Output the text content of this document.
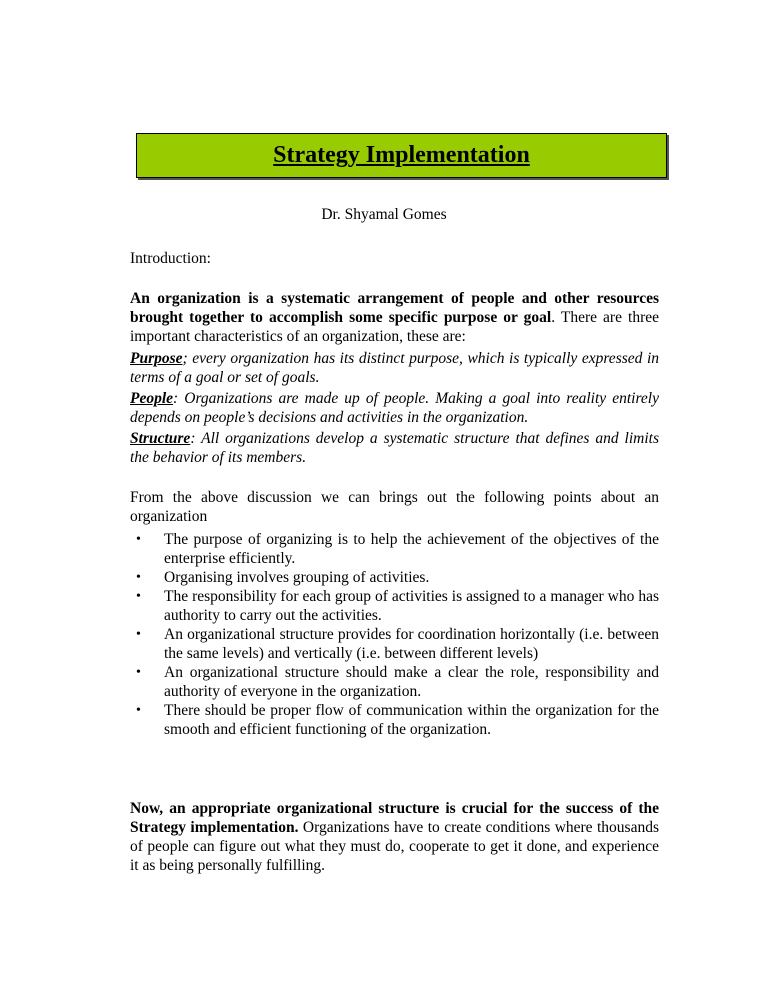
Strategy Implementation
Dr. Shyamal Gomes
Introduction:

An organization is a systematic arrangement of people and other resources brought together to accomplish some specific purpose or goal. There are three important characteristics of an organization, these are:

Purpose; every organization has its distinct purpose, which is typically expressed in terms of a goal or set of goals.

People: Organizations are made up of people. Making a goal into reality entirely depends on people’s decisions and activities in the organization.

Structure: All organizations develop a systematic structure that defines and limits the behavior of its members.

From the above discussion we can brings out the following points about an organization

• The purpose of organizing is to help the achievement of the objectives of the enterprise efficiently.
• Organising involves grouping of activities.
• The responsibility for each group of activities is assigned to a manager who has authority to carry out the activities.
• An organizational structure provides for coordination horizontally (i.e. between the same levels) and vertically (i.e. between different levels)
• An organizational structure should make a clear the role, responsibility and authority of everyone in the organization.
• There should be proper flow of communication within the organization for the smooth and efficient functioning of the organization.

Now, an appropriate organizational structure is crucial for the success of the Strategy implementation. Organizations have to create conditions where thousands of people can figure out what they must do, cooperate to get it done, and experience it as being personally fulfilling.
